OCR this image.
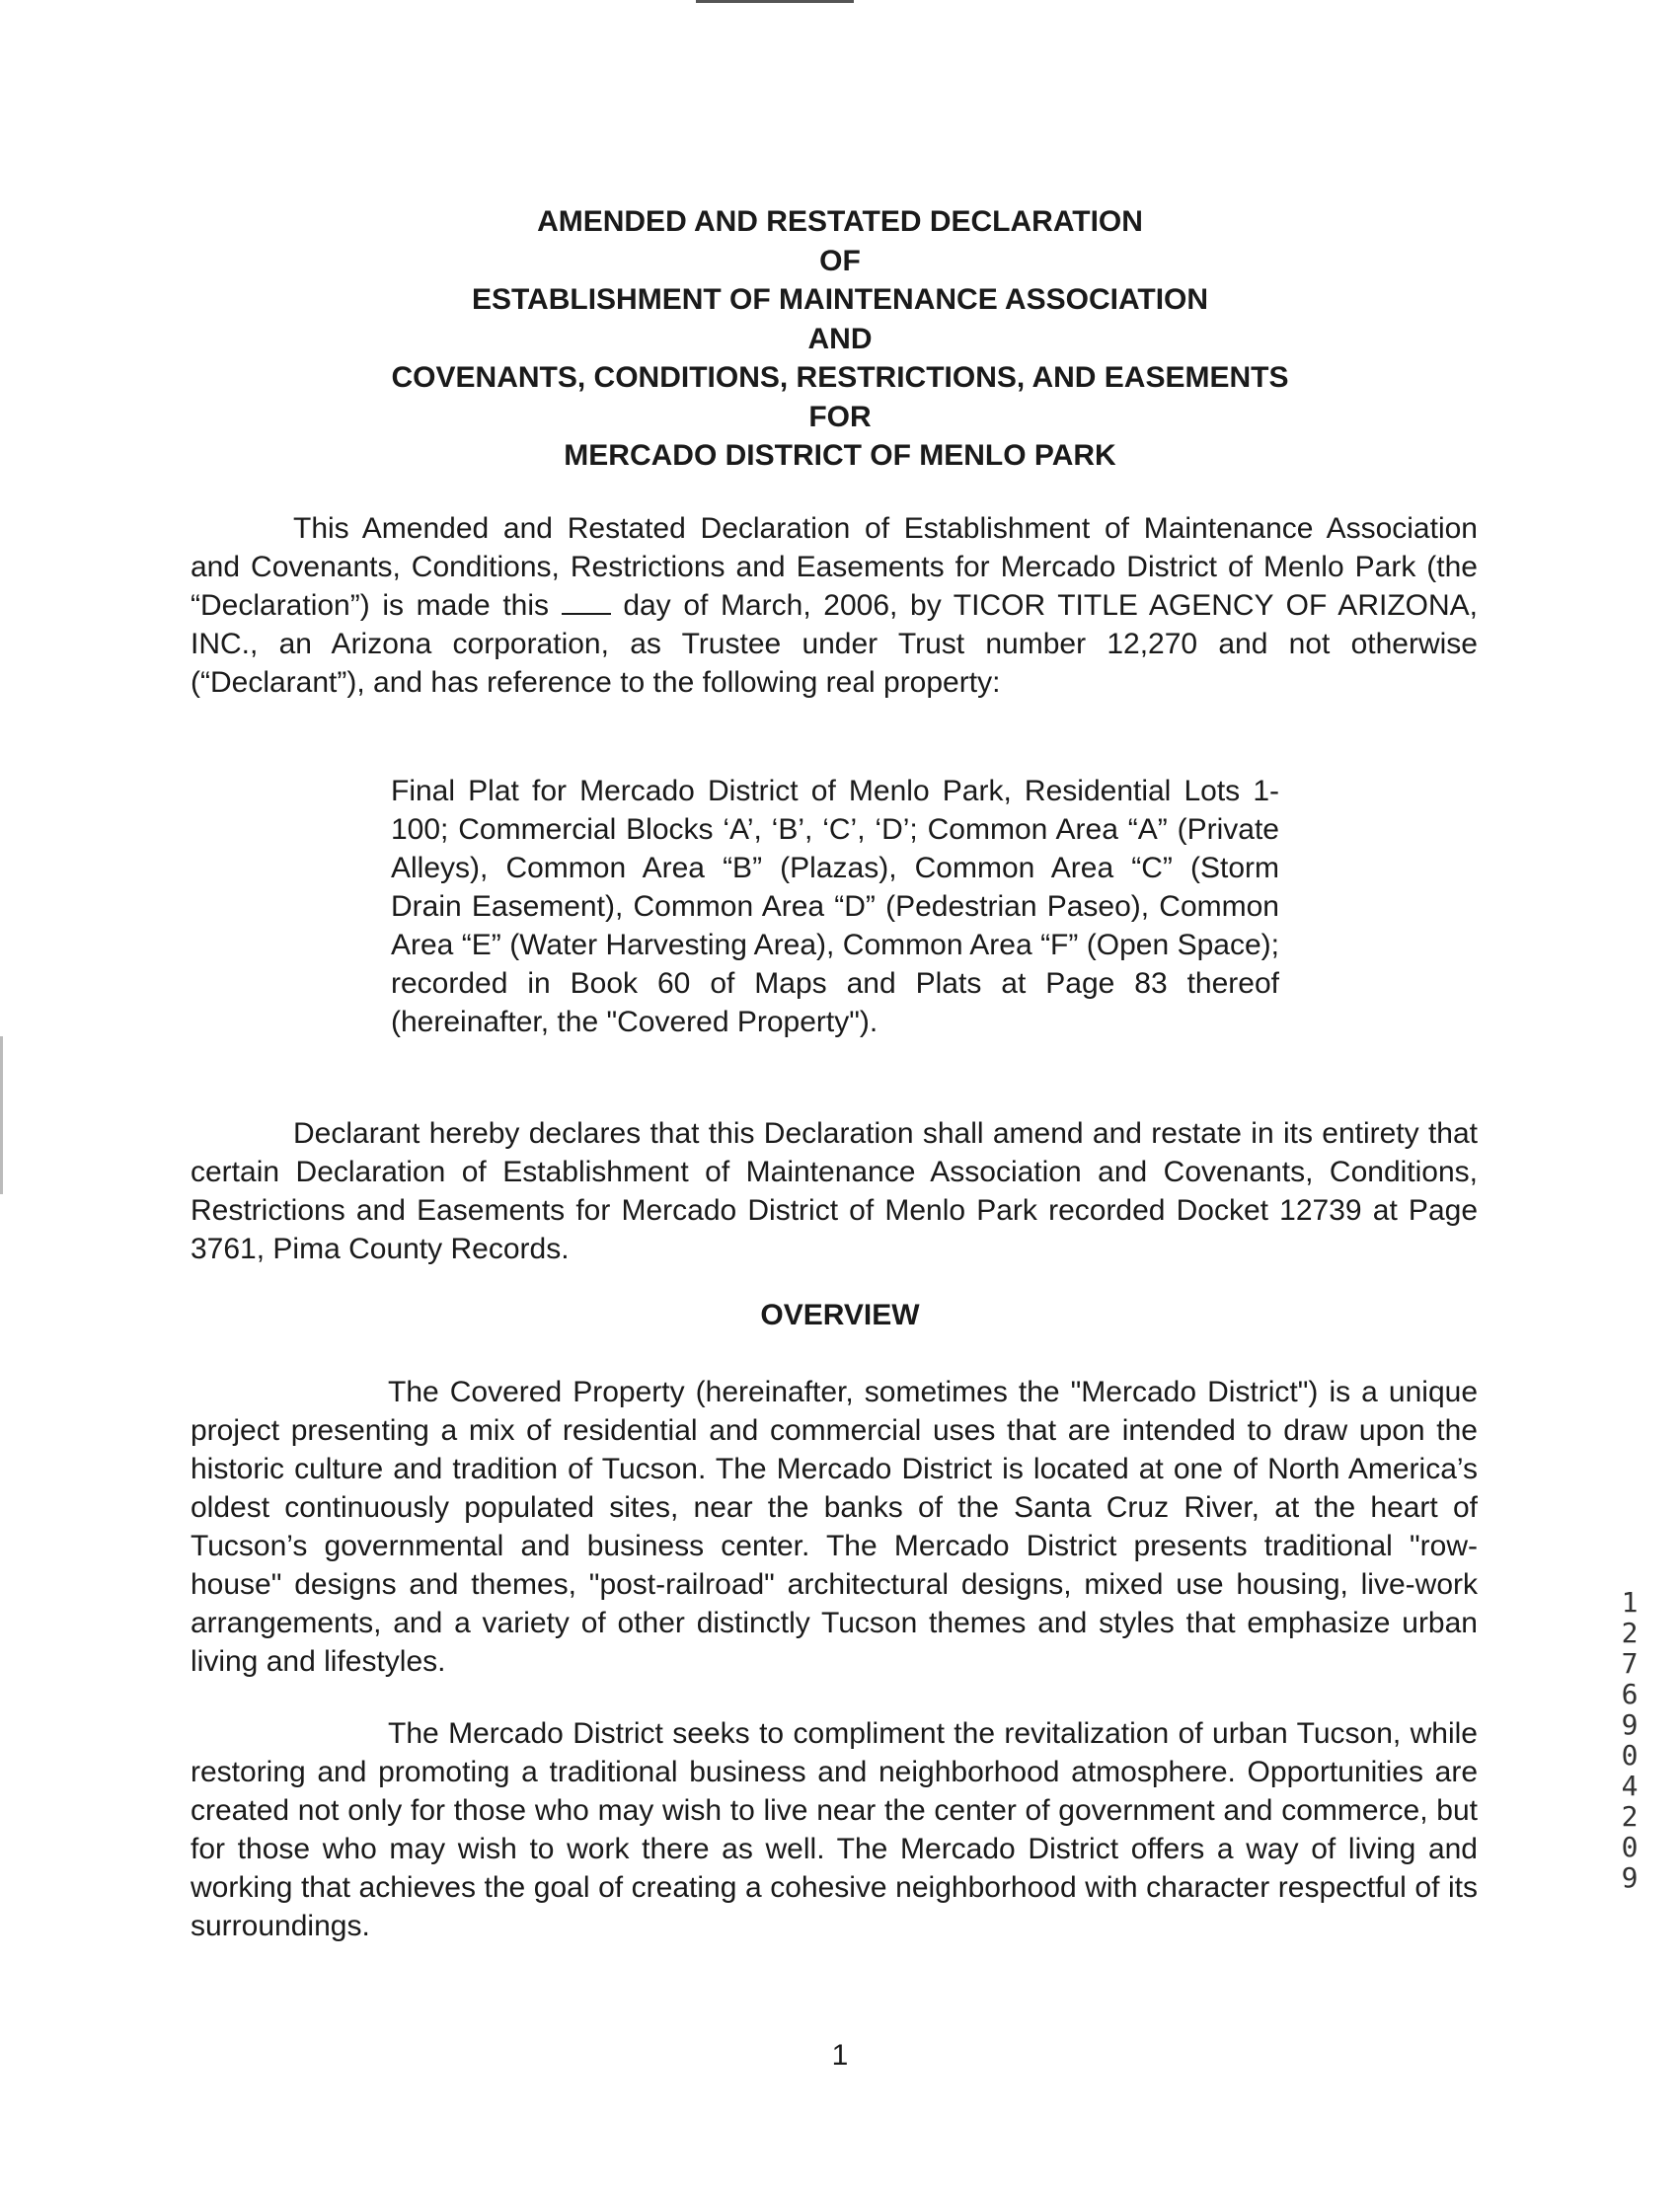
AMENDED AND RESTATED DECLARATION
OF
ESTABLISHMENT OF MAINTENANCE ASSOCIATION
AND
COVENANTS, CONDITIONS, RESTRICTIONS, AND EASEMENTS
FOR
MERCADO DISTRICT OF MENLO PARK
This Amended and Restated Declaration of Establishment of Maintenance Association and Covenants, Conditions, Restrictions and Easements for Mercado District of Menlo Park (the “Declaration”) is made this	day of March, 2006, by TICOR TITLE AGENCY OF ARIZONA, INC., an Arizona corporation, as Trustee under Trust number 12,270 and not otherwise (“Declarant”), and has reference to the following real property:
Final Plat for Mercado District of Menlo Park, Residential Lots 1-100; Commercial Blocks ‘A’, ‘B’, ‘C’, ‘D’; Common Area “A” (Private Alleys), Common Area “B” (Plazas), Common Area “C” (Storm Drain Easement), Common Area “D” (Pedestrian Paseo), Common Area “E” (Water Harvesting Area), Common Area “F” (Open Space); recorded in Book 60 of Maps and Plats at Page 83 thereof (hereinafter, the "Covered Property").
Declarant hereby declares that this Declaration shall amend and restate in its entirety that certain Declaration of Establishment of Maintenance Association and Covenants, Conditions, Restrictions and Easements for Mercado District of Menlo Park recorded Docket 12739 at Page 3761, Pima County Records.
OVERVIEW
The Covered Property (hereinafter, sometimes the "Mercado District") is a unique project presenting a mix of residential and commercial uses that are intended to draw upon the historic culture and tradition of Tucson. The Mercado District is located at one of North America’s oldest continuously populated sites, near the banks of the Santa Cruz River, at the heart of Tucson’s governmental and business center. The Mercado District presents traditional "row-house" designs and themes, "post-railroad" architectural designs, mixed use housing, live-work arrangements, and a variety of other distinctly Tucson themes and styles that emphasize urban living and lifestyles.
The Mercado District seeks to compliment the revitalization of urban Tucson, while restoring and promoting a traditional business and neighborhood atmosphere. Opportunities are created not only for those who may wish to live near the center of government and commerce, but for those who may wish to work there as well. The Mercado District offers a way of living and working that achieves the goal of creating a cohesive neighborhood with character respectful of its surroundings.
1
12769 04209
